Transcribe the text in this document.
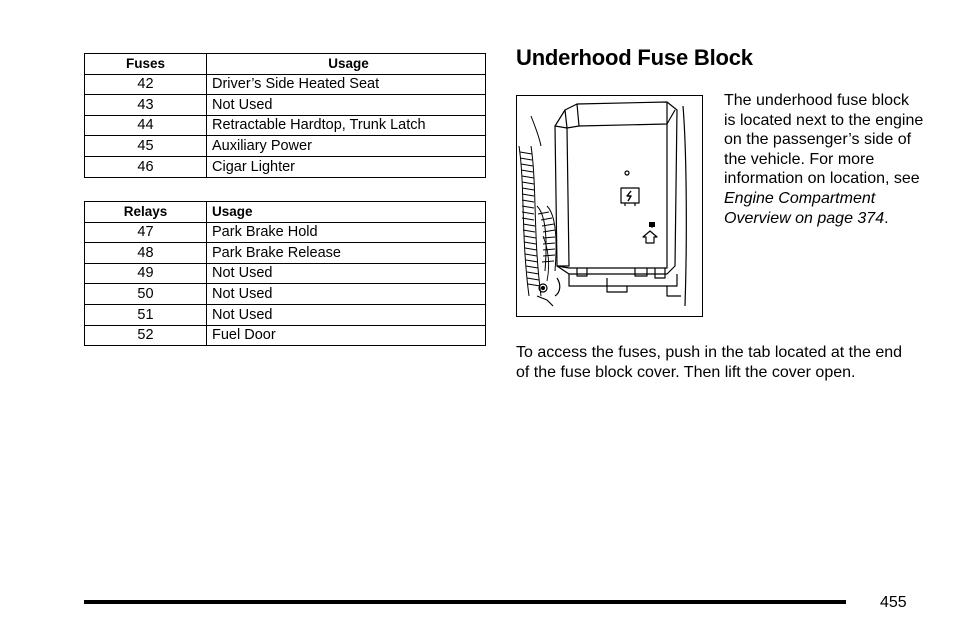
Fuses	Usage
42	Driver’s Side Heated Seat
43	Not Used
44	Retractable Hardtop, Trunk Latch
45	Auxiliary Power
46	Cigar Lighter
Relays	Usage
47	Park Brake Hold
48	Park Brake Release
49	Not Used
50	Not Used
51	Not Used
52	Fuel Door
Underhood Fuse Block

The underhood fuse block is located next to the engine on the passenger’s side of the vehicle. For more information on location, see Engine Compartment Overview on page 374.

To access the fuses, push in the tab located at the end of the fuse block cover. Then lift the cover open.

455
